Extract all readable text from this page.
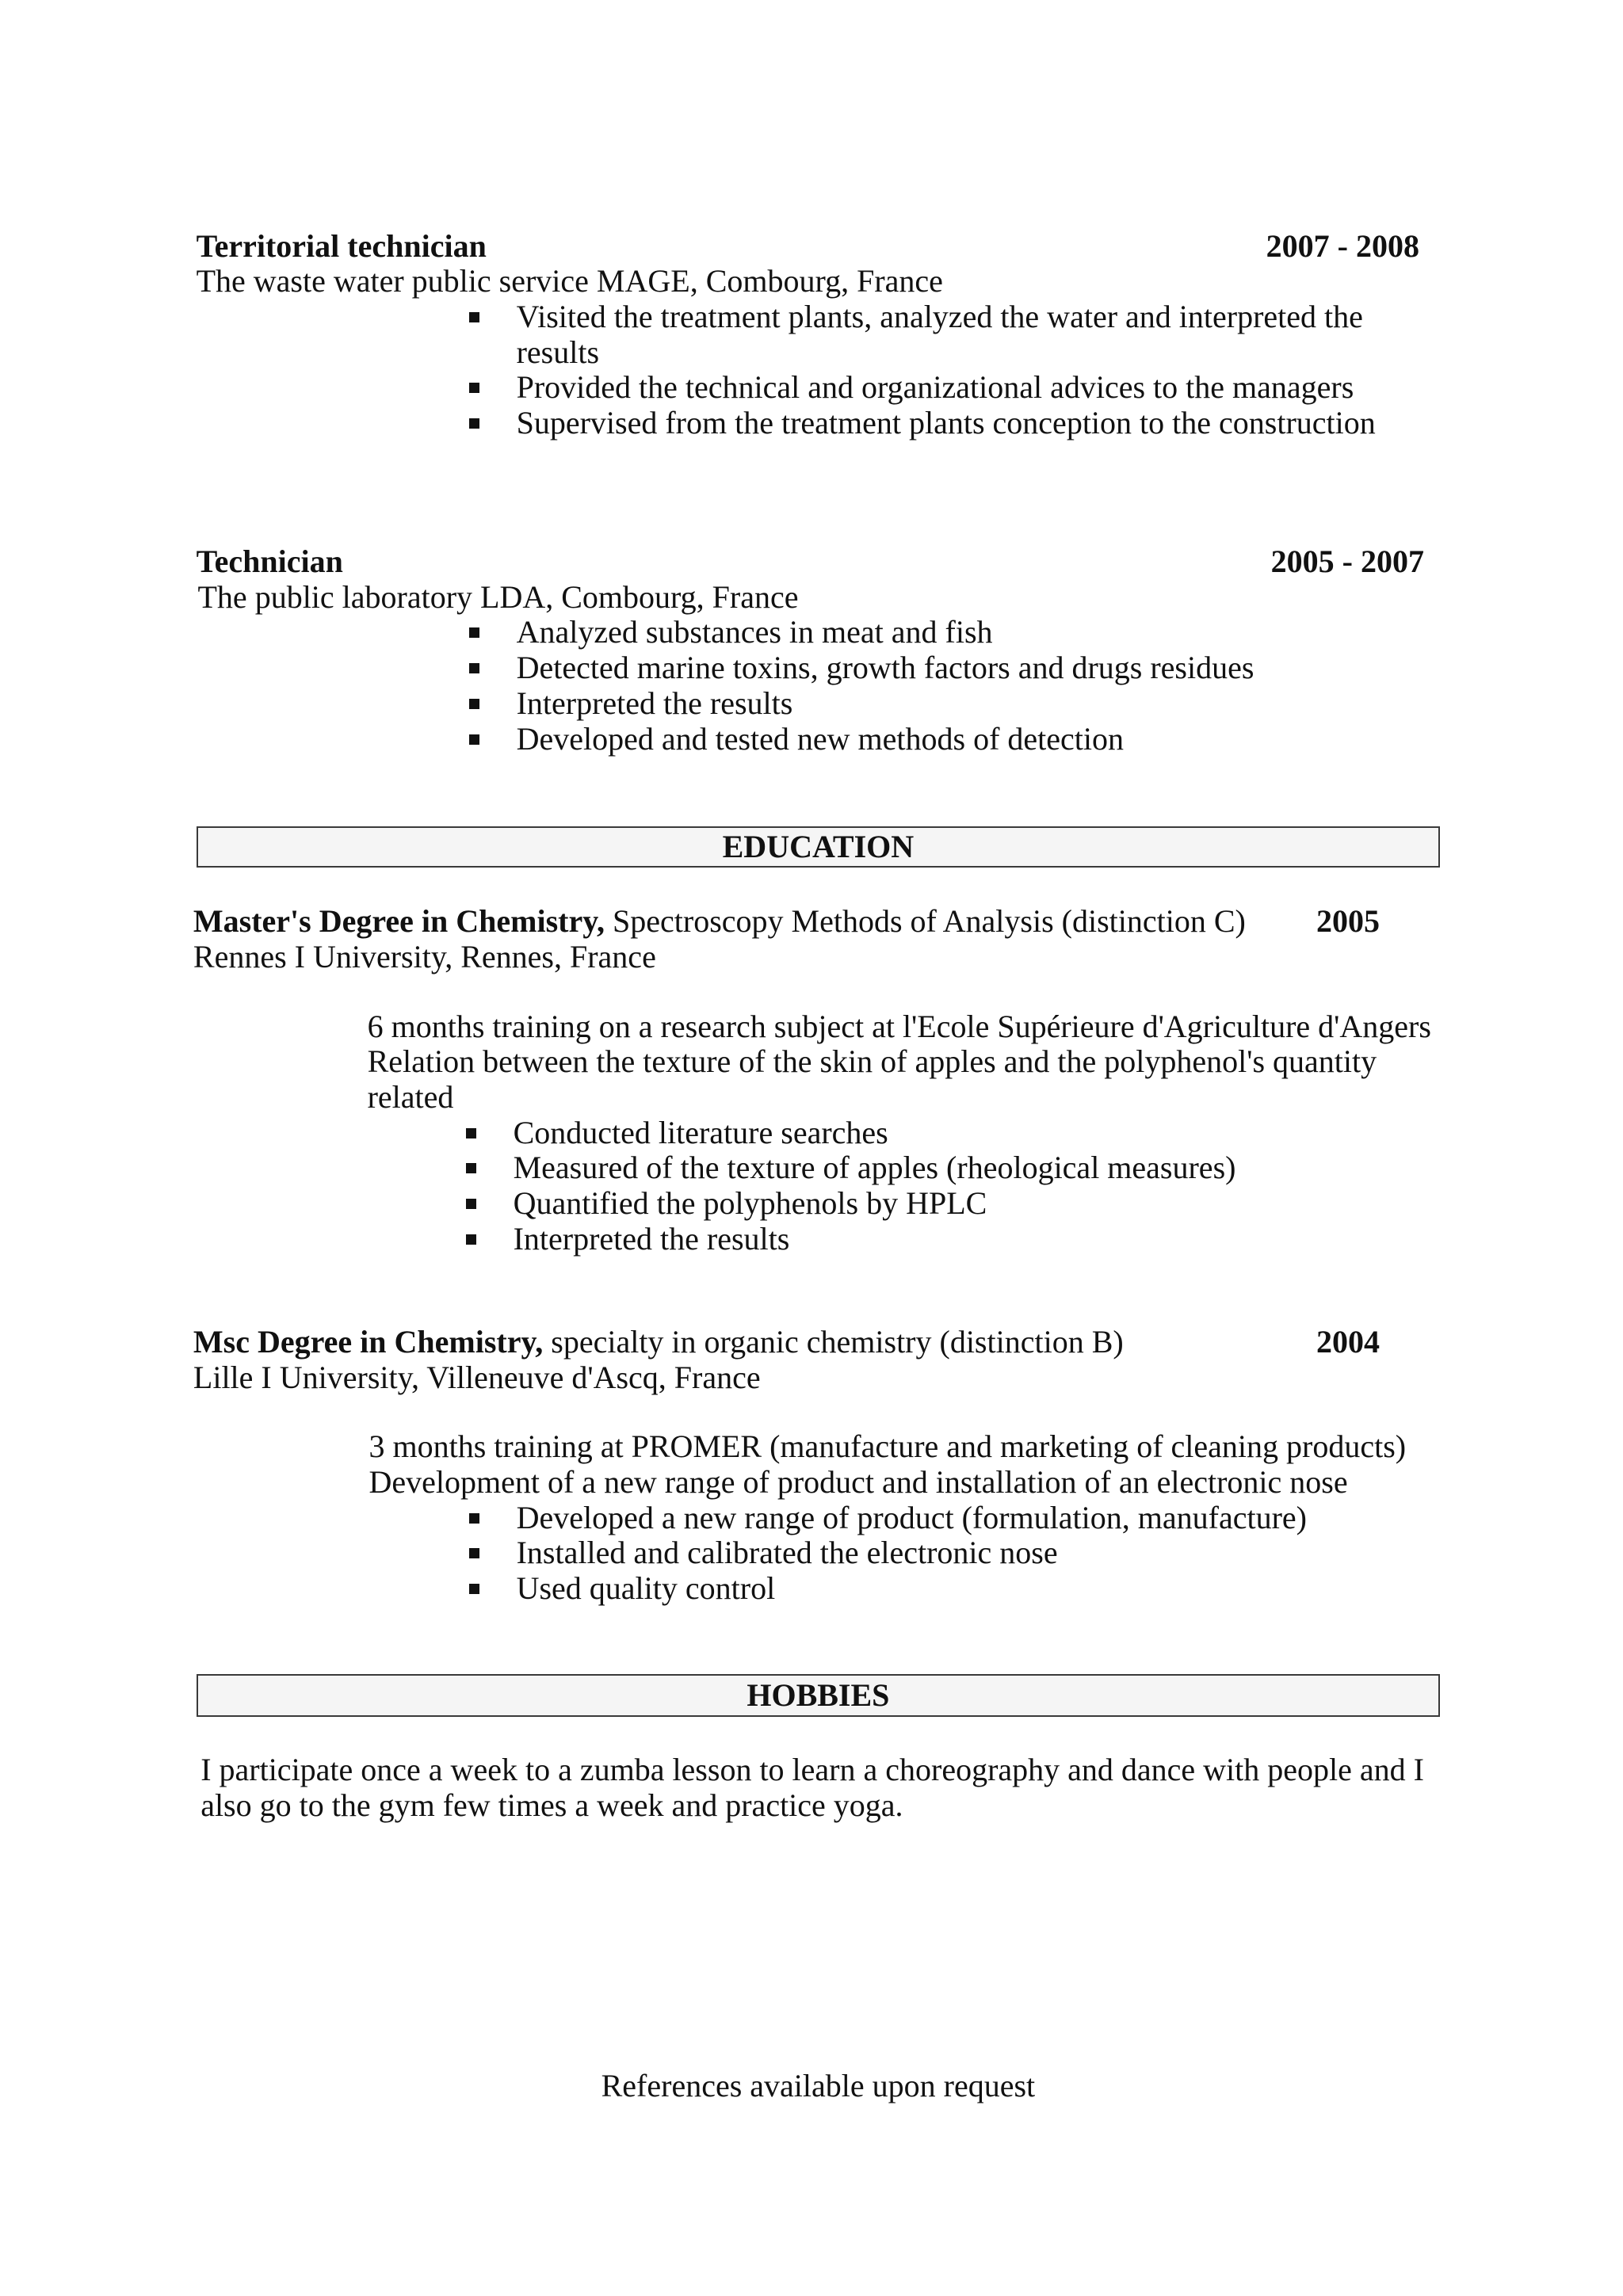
Territorial technician	2007 - 2008
The waste water public service MAGE, Combourg, France
Visited the treatment plants, analyzed the water and interpreted the results
Provided the technical and organizational advices to the managers
Supervised from the treatment plants conception to the construction
Technician	2005 - 2007
The public laboratory LDA, Combourg, France
Analyzed substances in meat and fish
Detected marine toxins, growth factors and drugs residues
Interpreted the results
Developed and tested new methods of detection
EDUCATION
Master's Degree in Chemistry, Spectroscopy Methods of Analysis (distinction C) 2005
Rennes I University, Rennes, France
6 months training on a research subject at l'Ecole Supérieure d'Agriculture d'Angers
Relation between the texture of the skin of apples and the polyphenol's quantity related
Conducted literature searches
Measured of the texture of apples (rheological measures)
Quantified the polyphenols by HPLC
Interpreted the results
Msc Degree in Chemistry, specialty in organic chemistry (distinction B)	2004
Lille I University, Villeneuve d'Ascq, France
3 months training at PROMER (manufacture and marketing of cleaning products)
Development of a new range of product and installation of an electronic nose
Developed a new range of product (formulation, manufacture)
Installed and calibrated the electronic nose
Used quality control
HOBBIES
I participate once a week to a zumba lesson to learn a choreography and dance with people and I also go to the gym few times a week and practice yoga.
References available upon request
